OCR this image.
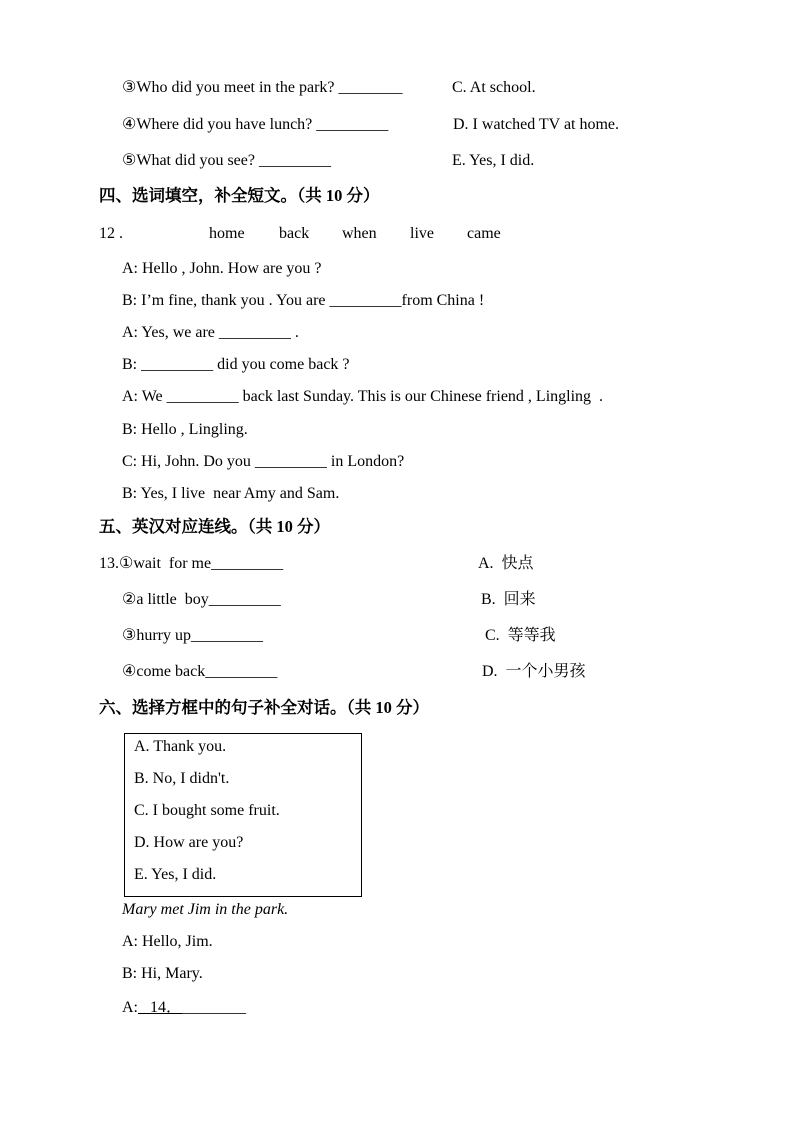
③Who did you meet in the park? ________	C. At school.
④Where did you have lunch? _________	D. I watched TV at home.
⑤What did you see? _________	E. Yes, I did.
四、选词填空，补全短文。（共 10 分）
12 .	home back when live came
A: Hello , John. How are you ?
B: I’m fine, thank you . You are _________from China !
A: Yes, we are _________ .
B: _________ did you come back ?
A: We _________ back last Sunday. This is our Chinese friend , Lingling  .
B: Hello , Lingling.
C: Hi, John. Do you _________ in London?
B: Yes, I live  near Amy and Sam.
五、英汉对应连线。（共 10 分）
13.①wait  for me_________	A.  快点
②a little  boy_________	B.  回来
③hurry up_________	C.  等等我
④come back_________	D.  一个小男孩
六、选择方框中的句子补全对话。（共 10 分）
A. Thank you.
B. No, I didn't.
C. I bought some fruit.
D. How are you?
E. Yes, I did.
Mary met Jim in the park.
A: Hello, Jim.
B: Hi, Mary.
A: 14．________
